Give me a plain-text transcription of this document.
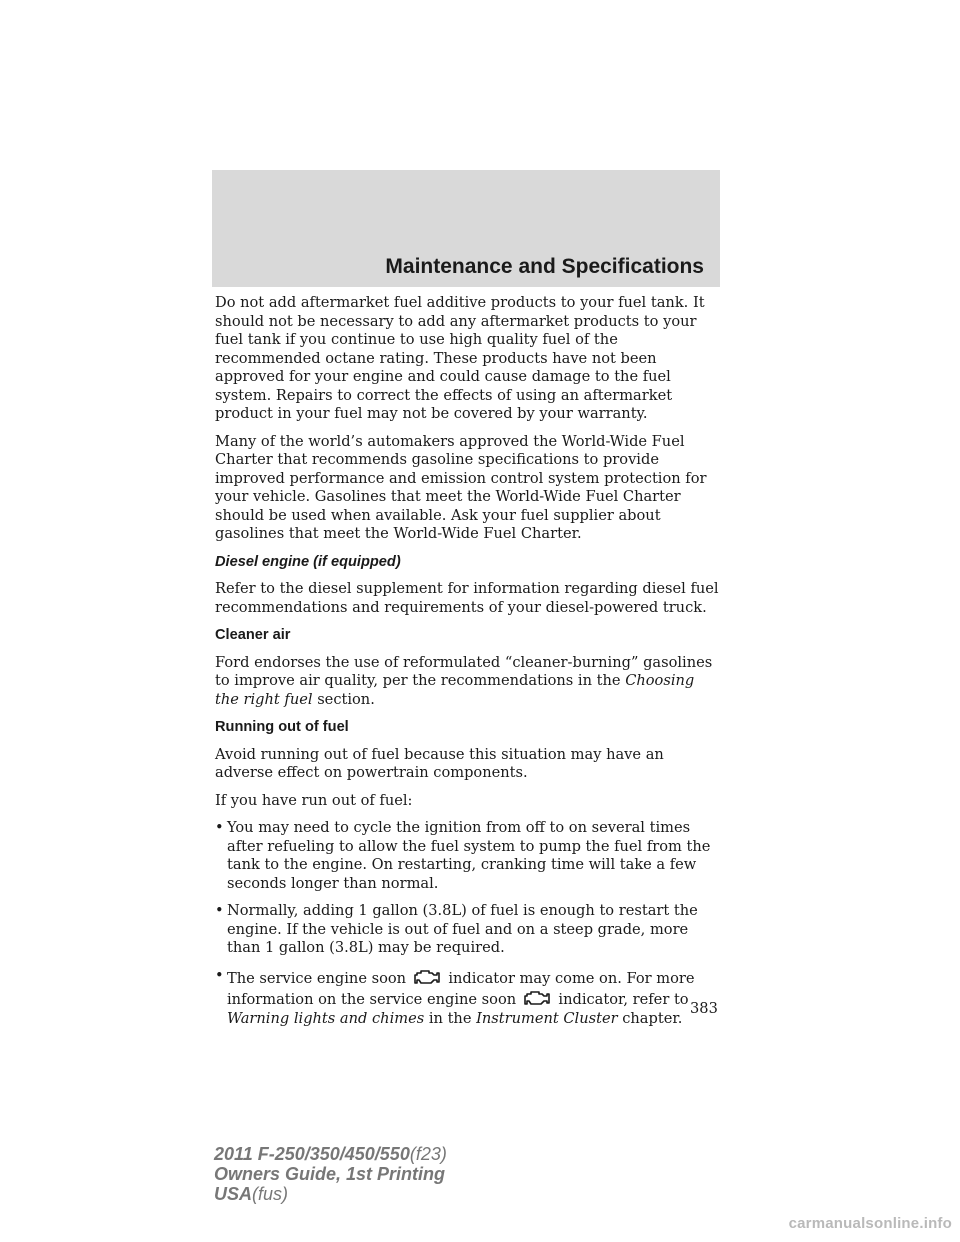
Maintenance and Specifications

Do not add aftermarket fuel additive products to your fuel tank. It should not be necessary to add any aftermarket products to your fuel tank if you continue to use high quality fuel of the recommended octane rating. These products have not been approved for your engine and could cause damage to the fuel system. Repairs to correct the effects of using an aftermarket product in your fuel may not be covered by your warranty.

Many of the world’s automakers approved the World-Wide Fuel Charter that recommends gasoline specifications to provide improved performance and emission control system protection for your vehicle. Gasolines that meet the World-Wide Fuel Charter should be used when available. Ask your fuel supplier about gasolines that meet the World-Wide Fuel Charter.

Diesel engine (if equipped)

Refer to the diesel supplement for information regarding diesel fuel recommendations and requirements of your diesel-powered truck.

Cleaner air

Ford endorses the use of reformulated “cleaner-burning” gasolines to improve air quality, per the recommendations in the Choosing the right fuel section.

Running out of fuel

Avoid running out of fuel because this situation may have an adverse effect on powertrain components.

If you have run out of fuel:

• You may need to cycle the ignition from off to on several times after refueling to allow the fuel system to pump the fuel from the tank to the engine. On restarting, cranking time will take a few seconds longer than normal.
• Normally, adding 1 gallon (3.8L) of fuel is enough to restart the engine. If the vehicle is out of fuel and on a steep grade, more than 1 gallon (3.8L) may be required.
• The service engine soon	indicator may come on. For more information on the service engine soon	indicator, refer to Warning lights and chimes in the Instrument Cluster chapter.
383
2011 F-250/350/450/550(f23)
Owners Guide, 1st Printing
USA(fus)
carmanualsonline.info
